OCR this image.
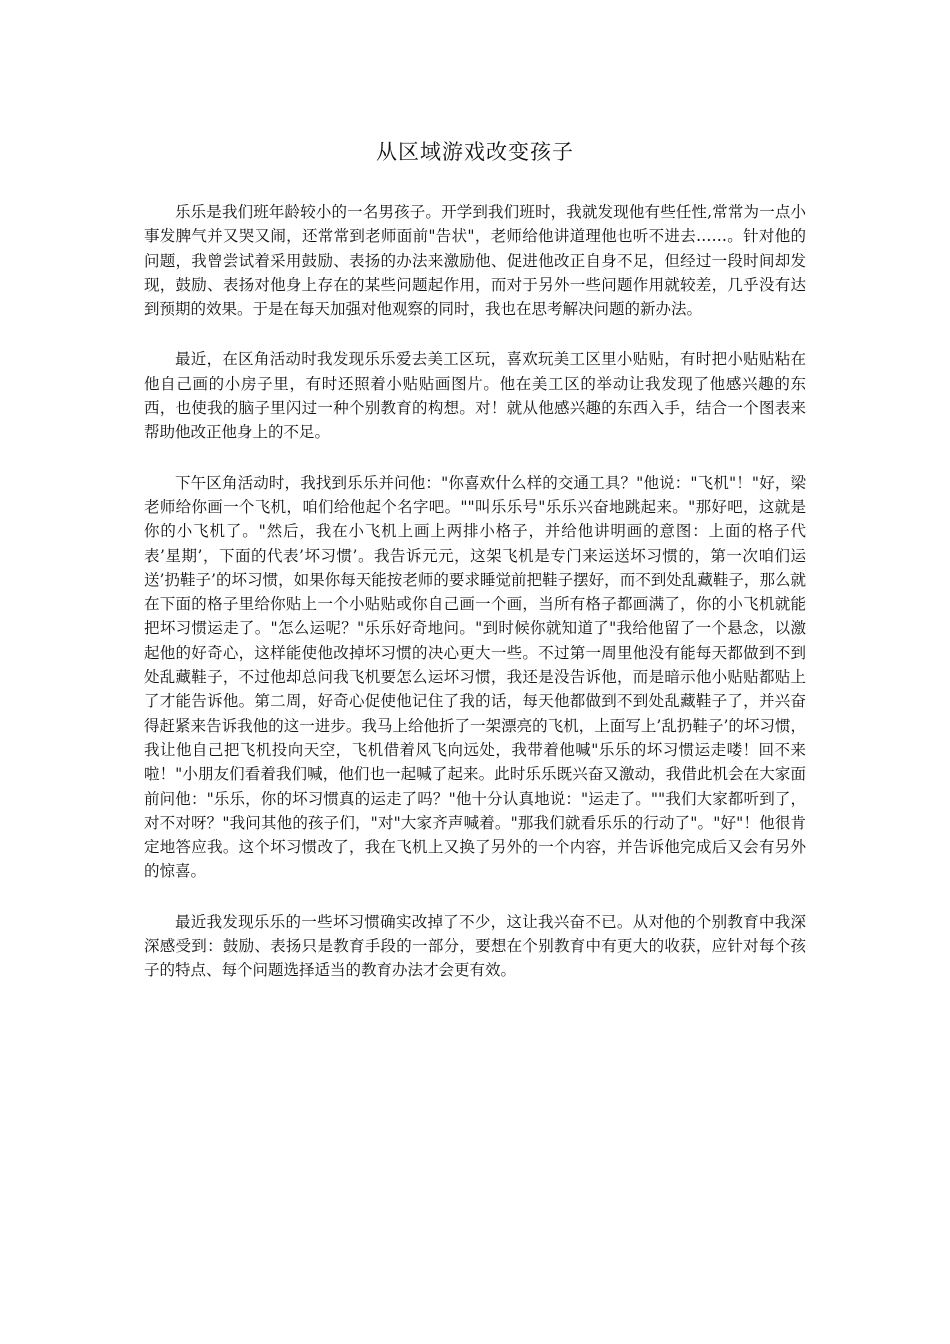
从区域游戏改变孩子

乐乐是我们班年龄较小的一名男孩子。开学到我们班时，我就发现他有些任性,常常为一点小事发脾气并又哭又闹，还常常到老师面前"告状"，老师给他讲道理他也听不进去……。针对他的问题，我曾尝试着采用鼓励、表扬的办法来激励他、促进他改正自身不足，但经过一段时间却发现，鼓励、表扬对他身上存在的某些问题起作用，而对于另外一些问题作用就较差，几乎没有达到预期的效果。于是在每天加强对他观察的同时，我也在思考解决问题的新办法。

最近，在区角活动时我发现乐乐爱去美工区玩，喜欢玩美工区里小贴贴，有时把小贴贴粘在他自己画的小房子里，有时还照着小贴贴画图片。他在美工区的举动让我发现了他感兴趣的东西，也使我的脑子里闪过一种个别教育的构想。对！就从他感兴趣的东西入手，结合一个图表来帮助他改正他身上的不足。

下午区角活动时，我找到乐乐并问他："你喜欢什么样的交通工具？"他说："飞机"！"好，梁老师给你画一个飞机，咱们给他起个名字吧。""叫乐乐号"乐乐兴奋地跳起来。"那好吧，这就是你的小飞机了。"然后，我在小飞机上画上两排小格子，并给他讲明画的意图：上面的格子代表’星期’，下面的代表’坏习惯’。我告诉元元，这架飞机是专门来运送坏习惯的，第一次咱们运送’扔鞋子’的坏习惯，如果你每天能按老师的要求睡觉前把鞋子摆好，而不到处乱藏鞋子，那么就在下面的格子里给你贴上一个小贴贴或你自己画一个画，当所有格子都画满了，你的小飞机就能把坏习惯运走了。"怎么运呢？"乐乐好奇地问。"到时候你就知道了"我给他留了一个悬念，以激起他的好奇心，这样能使他改掉坏习惯的决心更大一些。不过第一周里他没有能每天都做到不到处乱藏鞋子，不过他却总问我飞机要怎么运坏习惯，我还是没告诉他，而是暗示他小贴贴都贴上了才能告诉他。第二周，好奇心促使他记住了我的话，每天他都做到不到处乱藏鞋子了，并兴奋得赶紧来告诉我他的这一进步。我马上给他折了一架漂亮的飞机，上面写上’乱扔鞋子’的坏习惯，我让他自己把飞机投向天空，飞机借着风飞向远处，我带着他喊"乐乐的坏习惯运走喽！回不来啦！"小朋友们看着我们喊，他们也一起喊了起来。此时乐乐既兴奋又激动，我借此机会在大家面前问他："乐乐，你的坏习惯真的运走了吗？"他十分认真地说："运走了。""我们大家都听到了，对不对呀？"我问其他的孩子们，"对"大家齐声喊着。"那我们就看乐乐的行动了"。"好"！他很肯定地答应我。这个坏习惯改了，我在飞机上又换了另外的一个内容，并告诉他完成后又会有另外的惊喜。

最近我发现乐乐的一些坏习惯确实改掉了不少，这让我兴奋不已。从对他的个别教育中我深深感受到：鼓励、表扬只是教育手段的一部分，要想在个别教育中有更大的收获，应针对每个孩子的特点、每个问题选择适当的教育办法才会更有效。
